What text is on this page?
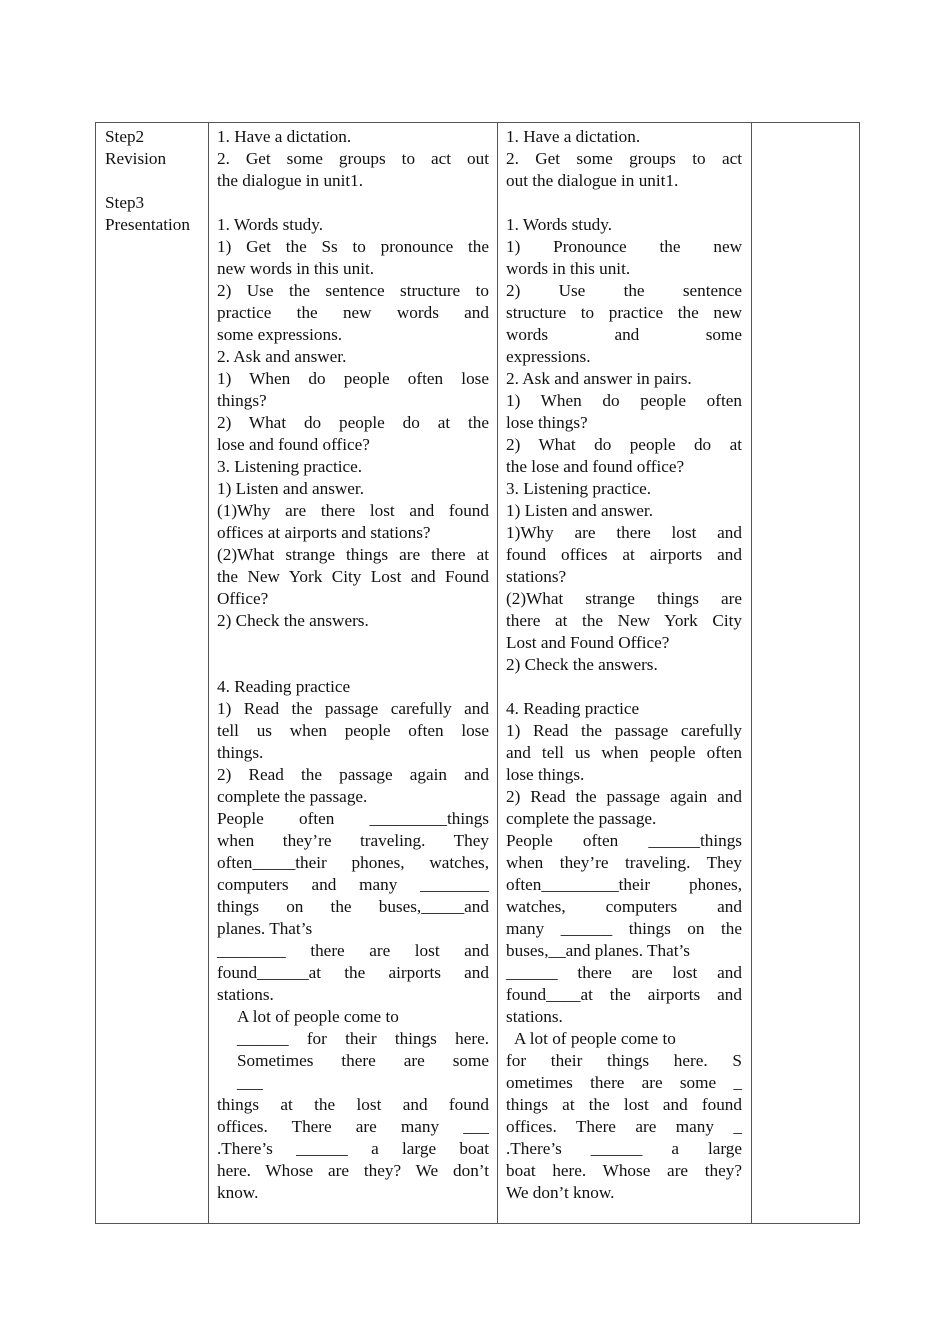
Step2
Revision
Step3
Presentation
1. Have a dictation.
2. Get some groups to act out
the dialogue in unit1.
1. Words study.
1) Get the Ss to pronounce the
new words in this unit.
2) Use the sentence structure to
practice the new words and
some expressions.
2. Ask and answer.
1) When do people often lose
things?
2) What do people do at the
lose and found office?
3. Listening practice.
1) Listen and answer.
(1)Why are there lost and found
offices at airports and stations?
(2)What strange things are there at
the New York City Lost and Found
Office?
2) Check the answers.
4. Reading practice
1) Read the passage carefully and
tell us when people often lose
things.
2) Read the passage again and
complete the passage.
People often _________things
when they’re traveling. They
often_____their phones, watches,
computers and many ________
things on the buses,_____and
planes. That’s
________ there are lost and
found______at the airports and
stations.
A lot of people come to
______ for their things here.
Sometimes there are some
___
things at the lost and found
offices. There are many ___
.There’s ______ a large boat
here. Whose are they? We don’t
know.
1. Have a dictation.
2. Get some groups to act
out the dialogue in unit1.
1. Words study.
1) Pronounce the new
words in this unit.
2) Use the sentence
structure to practice the new
words and some
expressions.
2. Ask and answer in pairs.
1) When do people often
lose things?
2) What do people do at
the lose and found office?
3. Listening practice.
1) Listen and answer.
1)Why are there lost and
found offices at airports and
stations?
(2)What strange things are
there at the New York City
Lost and Found Office?
2) Check the answers.
4. Reading practice
1) Read the passage carefully
and tell us when people often
lose things.
2) Read the passage again and
complete the passage.
People often ______things
when they’re traveling. They
often_________their phones,
watches, computers and
many ______ things on the
buses,__and planes. That’s
______ there are lost and
found____at the airports and
stations.
A lot of people come to
for their things here. S
ometimes there are some _
things at the lost and found
offices. There are many _
.There’s ______ a large
boat here. Whose are they?
We don’t know.
